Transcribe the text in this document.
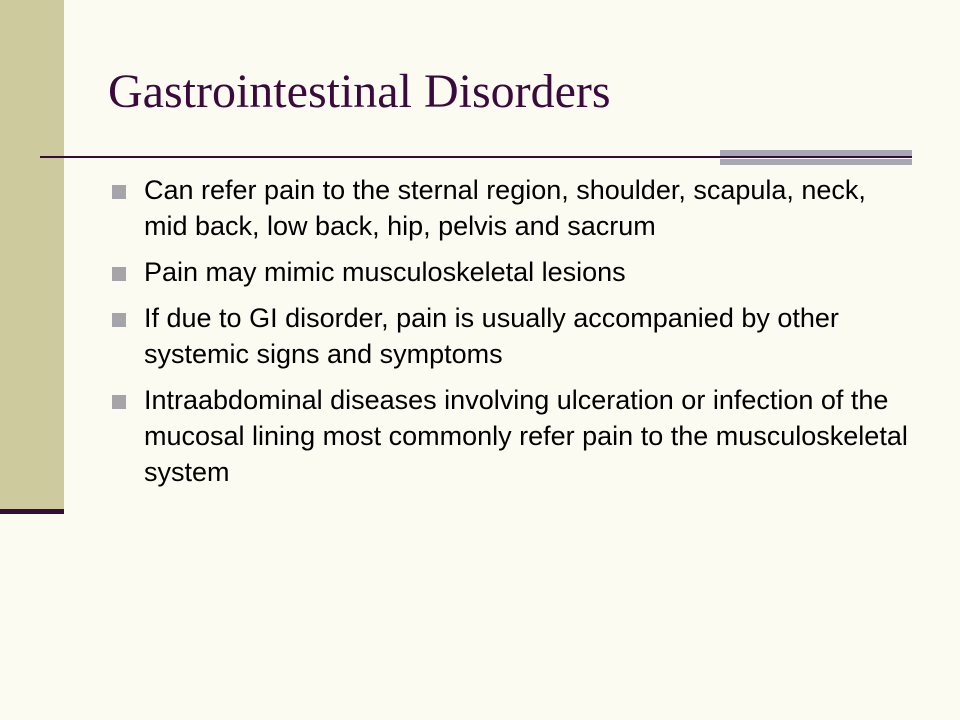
Gastrointestinal Disorders
Can refer pain to the sternal region, shoulder, scapula, neck, mid back, low back, hip, pelvis and sacrum
Pain may mimic musculoskeletal lesions
If due to GI disorder, pain is usually accompanied by other systemic signs and symptoms
Intraabdominal diseases involving ulceration or infection of the mucosal lining most commonly refer pain to the musculoskeletal system
